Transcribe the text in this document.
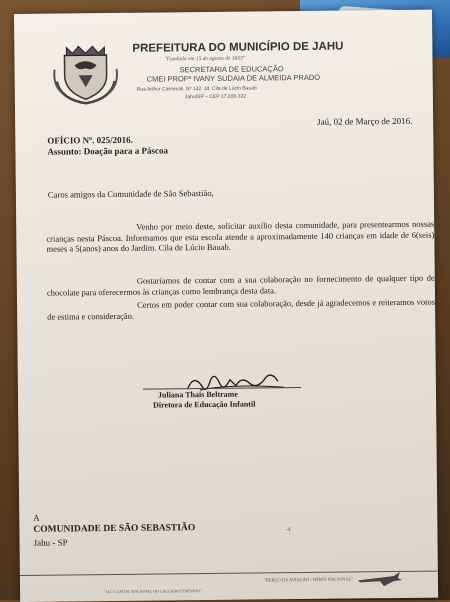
PREFEITURA DO MUNICÍPIO DE JAHU
"Fundada em 15 de agosto de 1853"
SECRETARIA DE EDUCAÇÃO
CMEI PROFª IVANY SUDAIA DE ALMEIDA PRADO
Rua Arthur Carnevali, Nº 142, Jd. Cila de Lúcio Bauab
Jahu/SP – CEP 17.209-322
Jaú, 02 de Março de 2016.
OFÍCIO Nº. 025/2016.
Assunto: Doação para a Páscoa
Caros amigos da Comunidade de São Sebastião,
Venho por meio deste, solicitar auxílio desta comunidade, para presentearmos nossas crianças nesta Páscoa. Informamos que esta escola atende a aproximadamente 140 crianças em idade de 6(seis) meses a 5(anos) anos do Jardim. Cila de Lúcio Bauab.
Gostaríamos de contar com a sua colaboração no fornecimento de qualquer tipo de chocolate para oferecermos às crianças como lembrança desta data.
Certos em poder contar com sua colaboração, desde já agradecemos e reiteramos votos de estima e consideração.
Juliana Thais Beltrame
Diretora de Educação Infantil
A
COMUNIDADE DE SÃO SEBASTIÃO
Jahu - SP
-4
"JAÚ CAPITAL NACIONAL DO CALÇADO FEMININO"
"BERÇO DA AVIAÇÃO - HERÓI NACIONAL"
